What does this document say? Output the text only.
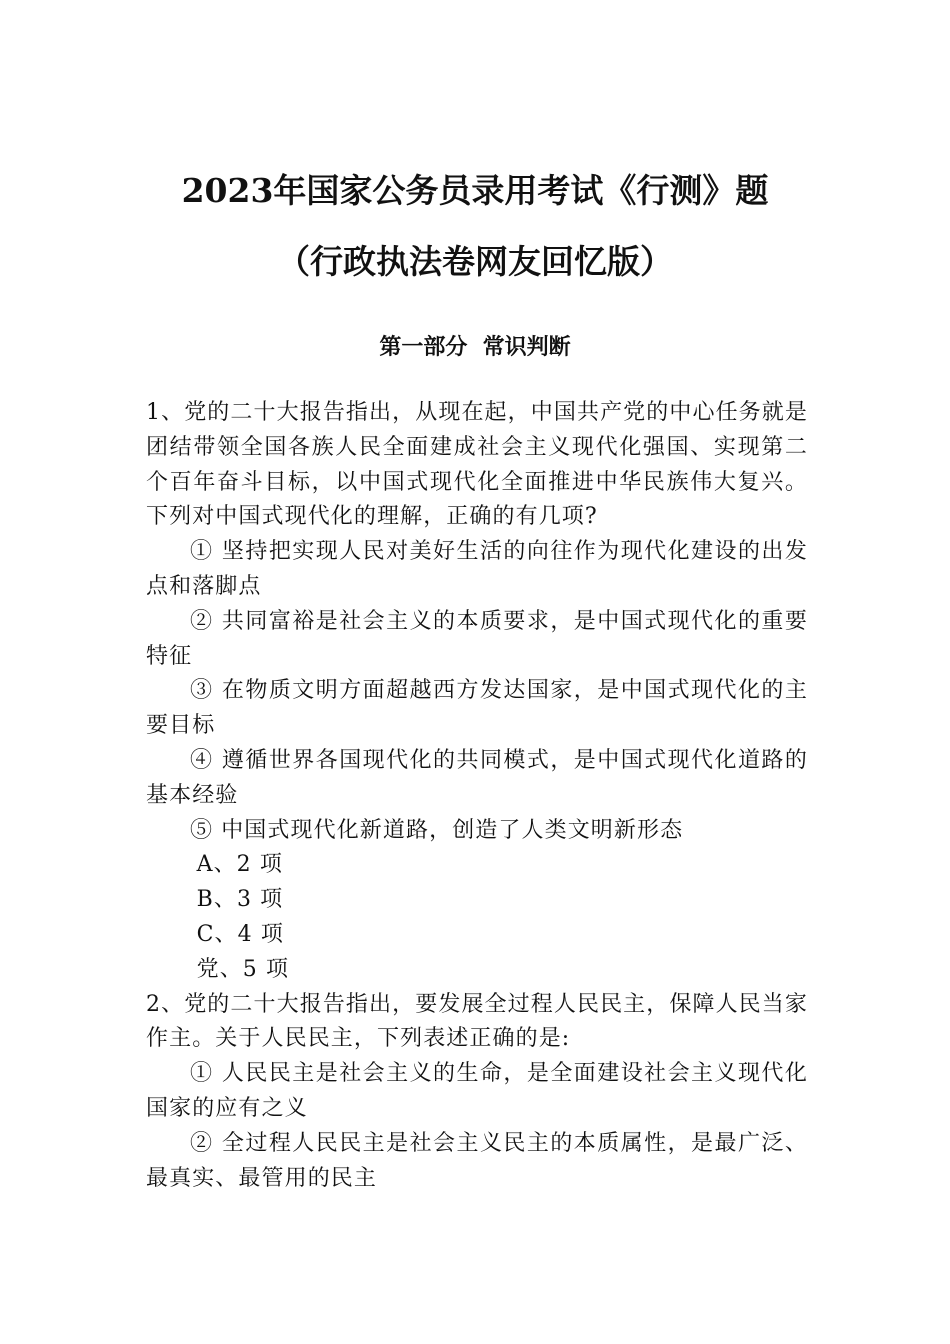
2023年国家公务员录用考试《行测》题
（行政执法卷网友回忆版）
第一部分  常识判断

1、党的二十大报告指出，从现在起，中国共产党的中心任务就是团结带领全国各族人民全面建成社会主义现代化强国、实现第二个百年奋斗目标，以中国式现代化全面推进中华民族伟大复兴。下列对中国式现代化的理解，正确的有几项?

① 坚持把实现人民对美好生活的向往作为现代化建设的出发点和落脚点

② 共同富裕是社会主义的本质要求，是中国式现代化的重要特征

③ 在物质文明方面超越西方发达国家，是中国式现代化的主要目标

④ 遵循世界各国现代化的共同模式，是中国式现代化道路的基本经验

⑤ 中国式现代化新道路，创造了人类文明新形态

A、2 项

B、3 项

C、4 项

党、5 项

2、党的二十大报告指出，要发展全过程人民民主，保障人民当家作主。关于人民民主，下列表述正确的是:

① 人民民主是社会主义的生命，是全面建设社会主义现代化国家的应有之义

② 全过程人民民主是社会主义民主的本质属性，是最广泛、最真实、最管用的民主
